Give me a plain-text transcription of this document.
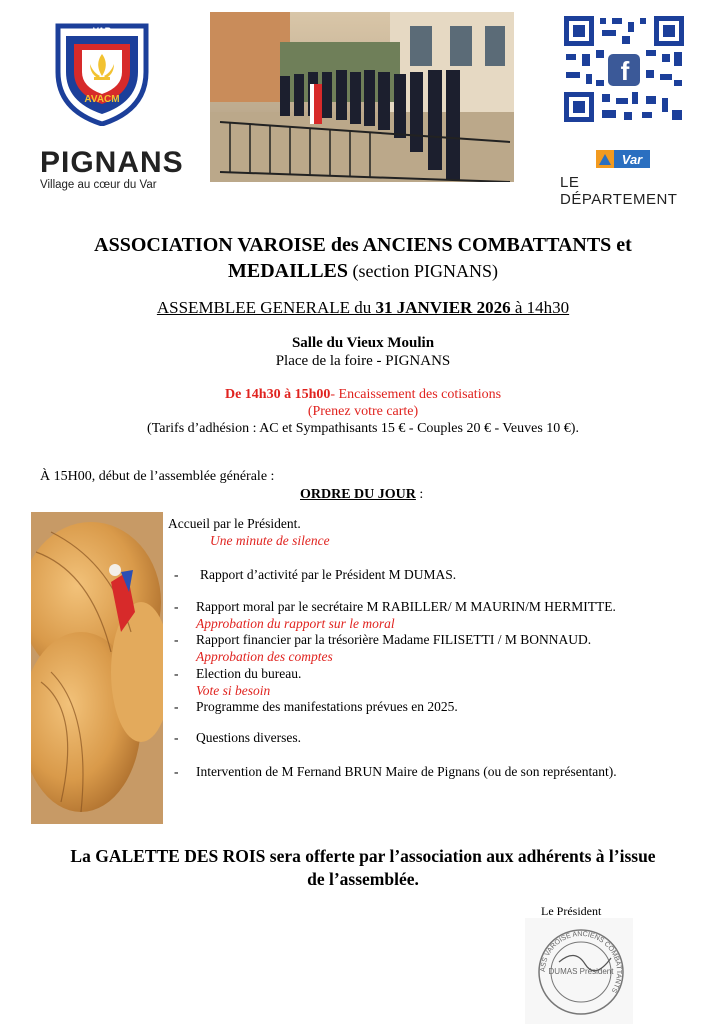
VAR
AVACM
PIGNANS
Village au cœur du Var
f
Var
LE DÉPARTEMENT
ASSOCIATION VAROISE des ANCIENS COMBATTANTS et
MEDAILLES (section PIGNANS)
ASSEMBLEE GENERALE du 31 JANVIER 2026 à 14h30
Salle du Vieux Moulin
Place de la foire - PIGNANS
De 14h30 à 15h00- Encaissement des cotisations
(Prenez votre carte)
(Tarifs d’adhésion : AC et Sympathisants 15 € - Couples 20 € - Veuves 10 €).
À 15H00, début de l’assemblée générale :
ORDRE DU JOUR :
Accueil par le Président.
Une minute de silence
- Rapport d’activité par le Président M DUMAS.
- Rapport moral par le secrétaire M RABILLER/ M MAURIN/M HERMITTE.
Approbation du rapport sur le moral
- Rapport financier par la trésorière Madame FILISETTI / M BONNAUD.
Approbation des comptes
- Election du bureau.
Vote si besoin
- Programme des manifestations prévues en 2025.
- Questions diverses.
- Intervention de M Fernand BRUN Maire de Pignans (ou de son représentant).
La GALETTE DES ROIS sera offerte par l’association aux adhérents à l’issue
de l’assemblée.
Le Président
ASS VAROISE ANCIENS COMBATTANTS
DUMAS Président
